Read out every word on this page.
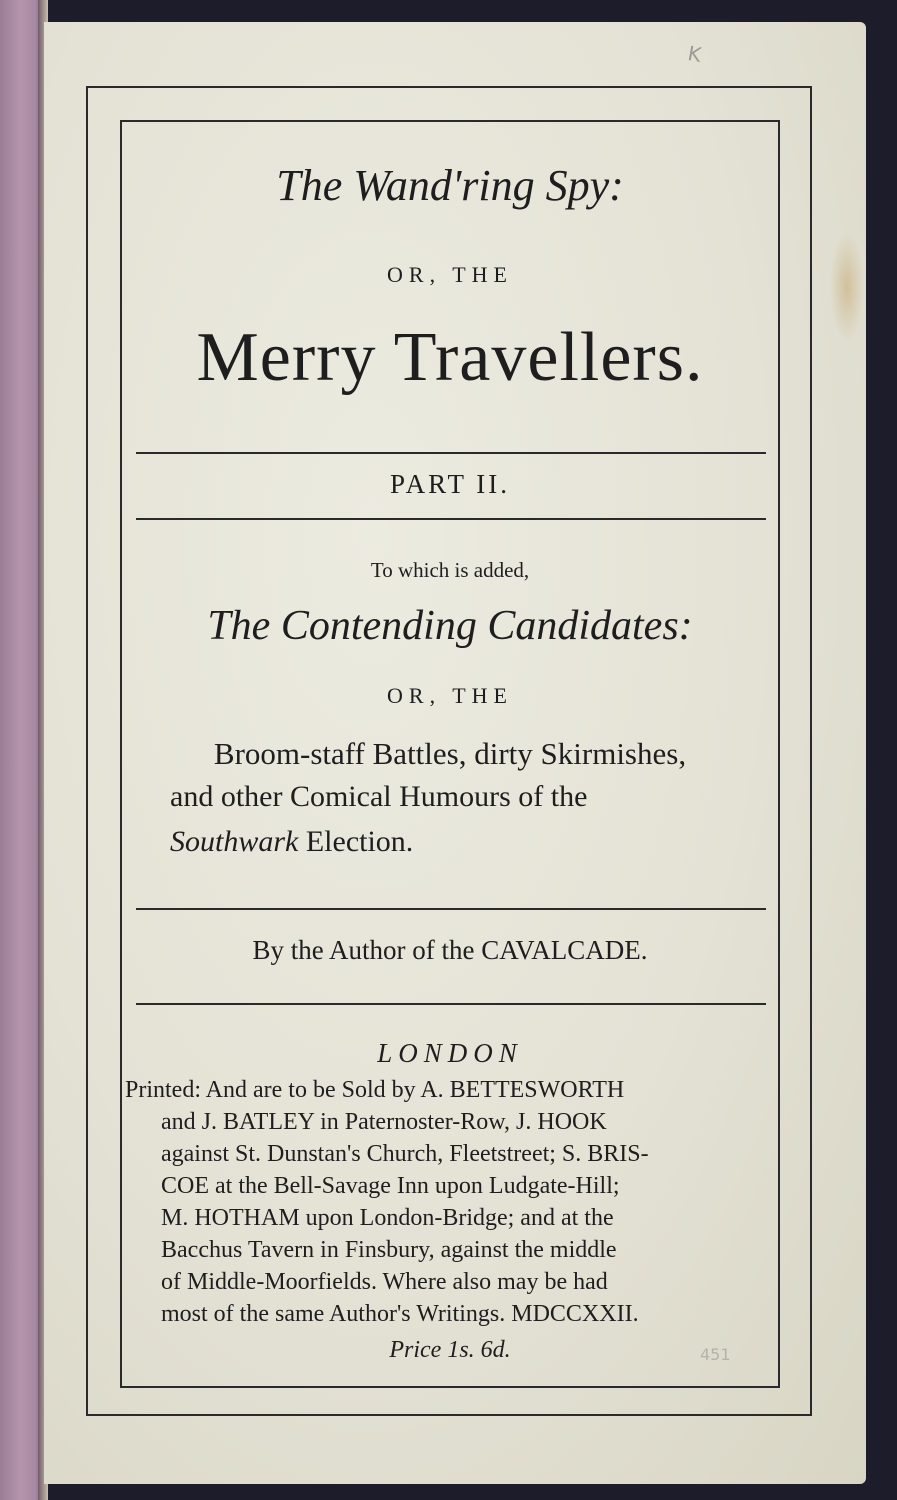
K
451
The Wand'ring Spy:
OR, THE
Merry Travellers.
PART II.
To which is added,
The Contending Candidates:
OR, THE
Broom-staff Battles, dirty Skirmishes,
and other Comical Humours of the
Southwark Election.
By the Author of the CAVALCADE.
LONDON
Printed: And are to be Sold by A. BETTESWORTH
and J. BATLEY in Paternoster-Row, J. HOOK
against St. Dunstan's Church, Fleetstreet; S. BRIS-
COE at the Bell-Savage Inn upon Ludgate-Hill;
M. HOTHAM upon London-Bridge; and at the
Bacchus Tavern in Finsbury, against the middle
of Middle-Moorfields. Where also may be had
most of the same Author's Writings. MDCCXXII.
Price 1s. 6d.
